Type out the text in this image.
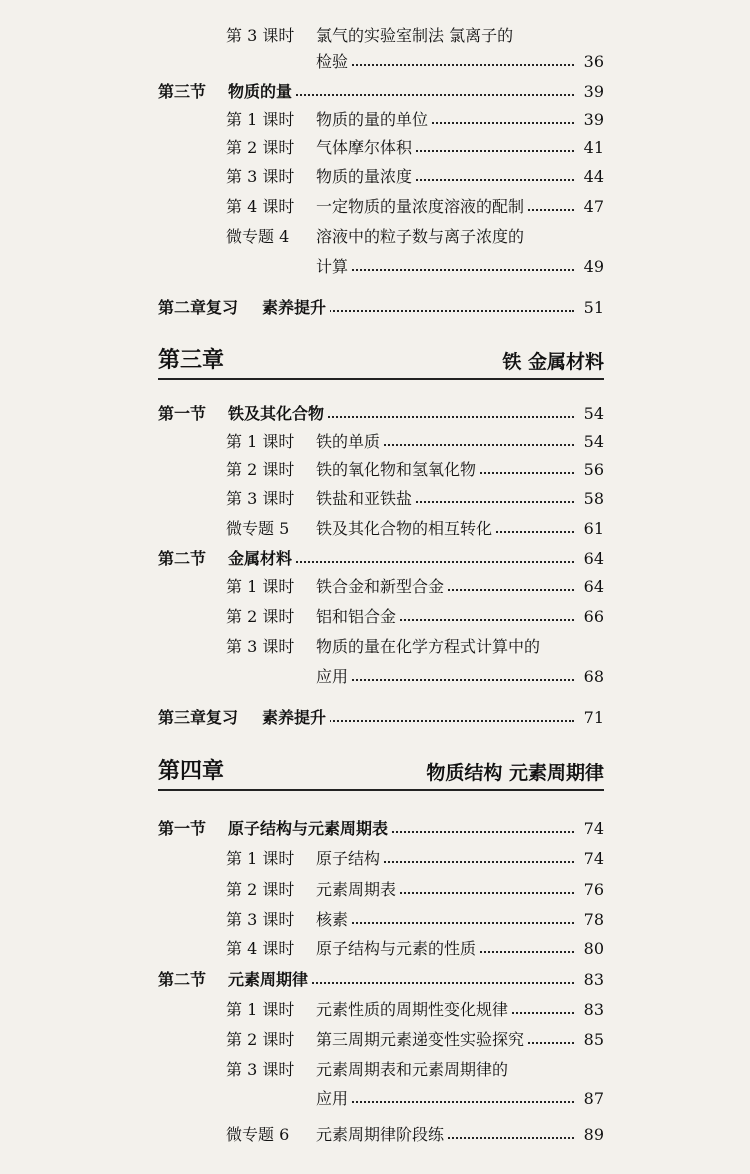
第 3 课时 氯气的实验室制法 氯离子的
检验	36
第三节 物质的量	39
第 1 课时 物质的量的单位	39
第 2 课时 气体摩尔体积	41
第 3 课时 物质的量浓度	44
第 4 课时 一定物质的量浓度溶液的配制	47
微专题 4 溶液中的粒子数与离子浓度的
计算	49
第二章复习 素养提升	51
第三章	铁 金属材料
第一节 铁及其化合物	54
第 1 课时 铁的单质	54
第 2 课时 铁的氧化物和氢氧化物	56
第 3 课时 铁盐和亚铁盐	58
微专题 5 铁及其化合物的相互转化	61
第二节 金属材料	64
第 1 课时 铁合金和新型合金	64
第 2 课时 铝和铝合金	66
第 3 课时 物质的量在化学方程式计算中的
应用	68
第三章复习 素养提升	71
第四章	物质结构 元素周期律
第一节 原子结构与元素周期表	74
第 1 课时 原子结构	74
第 2 课时 元素周期表	76
第 3 课时 核素	78
第 4 课时 原子结构与元素的性质	80
第二节 元素周期律	83
第 1 课时 元素性质的周期性变化规律	83
第 2 课时 第三周期元素递变性实验探究	85
第 3 课时 元素周期表和元素周期律的
应用	87
微专题 6 元素周期律阶段练	89
